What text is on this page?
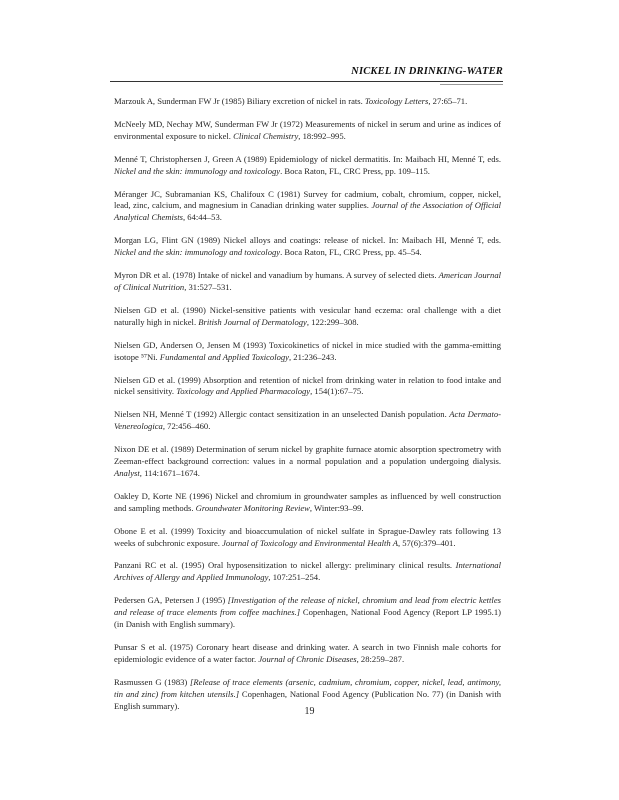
NICKEL IN DRINKING-WATER

Marzouk A, Sunderman FW Jr (1985) Biliary excretion of nickel in rats. Toxicology Letters, 27:65–71.

McNeely MD, Nechay MW, Sunderman FW Jr (1972) Measurements of nickel in serum and urine as indices of environmental exposure to nickel. Clinical Chemistry, 18:992–995.

Menné T, Christophersen J, Green A (1989) Epidemiology of nickel dermatitis. In: Maibach HI, Menné T, eds. Nickel and the skin: immunology and toxicology. Boca Raton, FL, CRC Press, pp. 109–115.

Méranger JC, Subramanian KS, Chalifoux C (1981) Survey for cadmium, cobalt, chromium, copper, nickel, lead, zinc, calcium, and magnesium in Canadian drinking water supplies. Journal of the Association of Official Analytical Chemists, 64:44–53.

Morgan LG, Flint GN (1989) Nickel alloys and coatings: release of nickel. In: Maibach HI, Menné T, eds. Nickel and the skin: immunology and toxicology. Boca Raton, FL, CRC Press, pp. 45–54.

Myron DR et al. (1978) Intake of nickel and vanadium by humans. A survey of selected diets. American Journal of Clinical Nutrition, 31:527–531.

Nielsen GD et al. (1990) Nickel-sensitive patients with vesicular hand eczema: oral challenge with a diet naturally high in nickel. British Journal of Dermatology, 122:299–308.

Nielsen GD, Andersen O, Jensen M (1993) Toxicokinetics of nickel in mice studied with the gamma-emitting isotope ⁵⁷Ni. Fundamental and Applied Toxicology, 21:236–243.

Nielsen GD et al. (1999) Absorption and retention of nickel from drinking water in relation to food intake and nickel sensitivity. Toxicology and Applied Pharmacology, 154(1):67–75.

Nielsen NH, Menné T (1992) Allergic contact sensitization in an unselected Danish population. Acta Dermato-Venereologica, 72:456–460.

Nixon DE et al. (1989) Determination of serum nickel by graphite furnace atomic absorption spectrometry with Zeeman-effect background correction: values in a normal population and a population undergoing dialysis. Analyst, 114:1671–1674.

Oakley D, Korte NE (1996) Nickel and chromium in groundwater samples as influenced by well construction and sampling methods. Groundwater Monitoring Review, Winter:93–99.

Obone E et al. (1999) Toxicity and bioaccumulation of nickel sulfate in Sprague-Dawley rats following 13 weeks of subchronic exposure. Journal of Toxicology and Environmental Health A, 57(6):379–401.

Panzani RC et al. (1995) Oral hyposensitization to nickel allergy: preliminary clinical results. International Archives of Allergy and Applied Immunology, 107:251–254.

Pedersen GA, Petersen J (1995) [Investigation of the release of nickel, chromium and lead from electric kettles and release of trace elements from coffee machines.] Copenhagen, National Food Agency (Report LP 1995.1) (in Danish with English summary).

Punsar S et al. (1975) Coronary heart disease and drinking water. A search in two Finnish male cohorts for epidemiologic evidence of a water factor. Journal of Chronic Diseases, 28:259–287.

Rasmussen G (1983) [Release of trace elements (arsenic, cadmium, chromium, copper, nickel, lead, antimony, tin and zinc) from kitchen utensils.] Copenhagen, National Food Agency (Publication No. 77) (in Danish with English summary).

19
